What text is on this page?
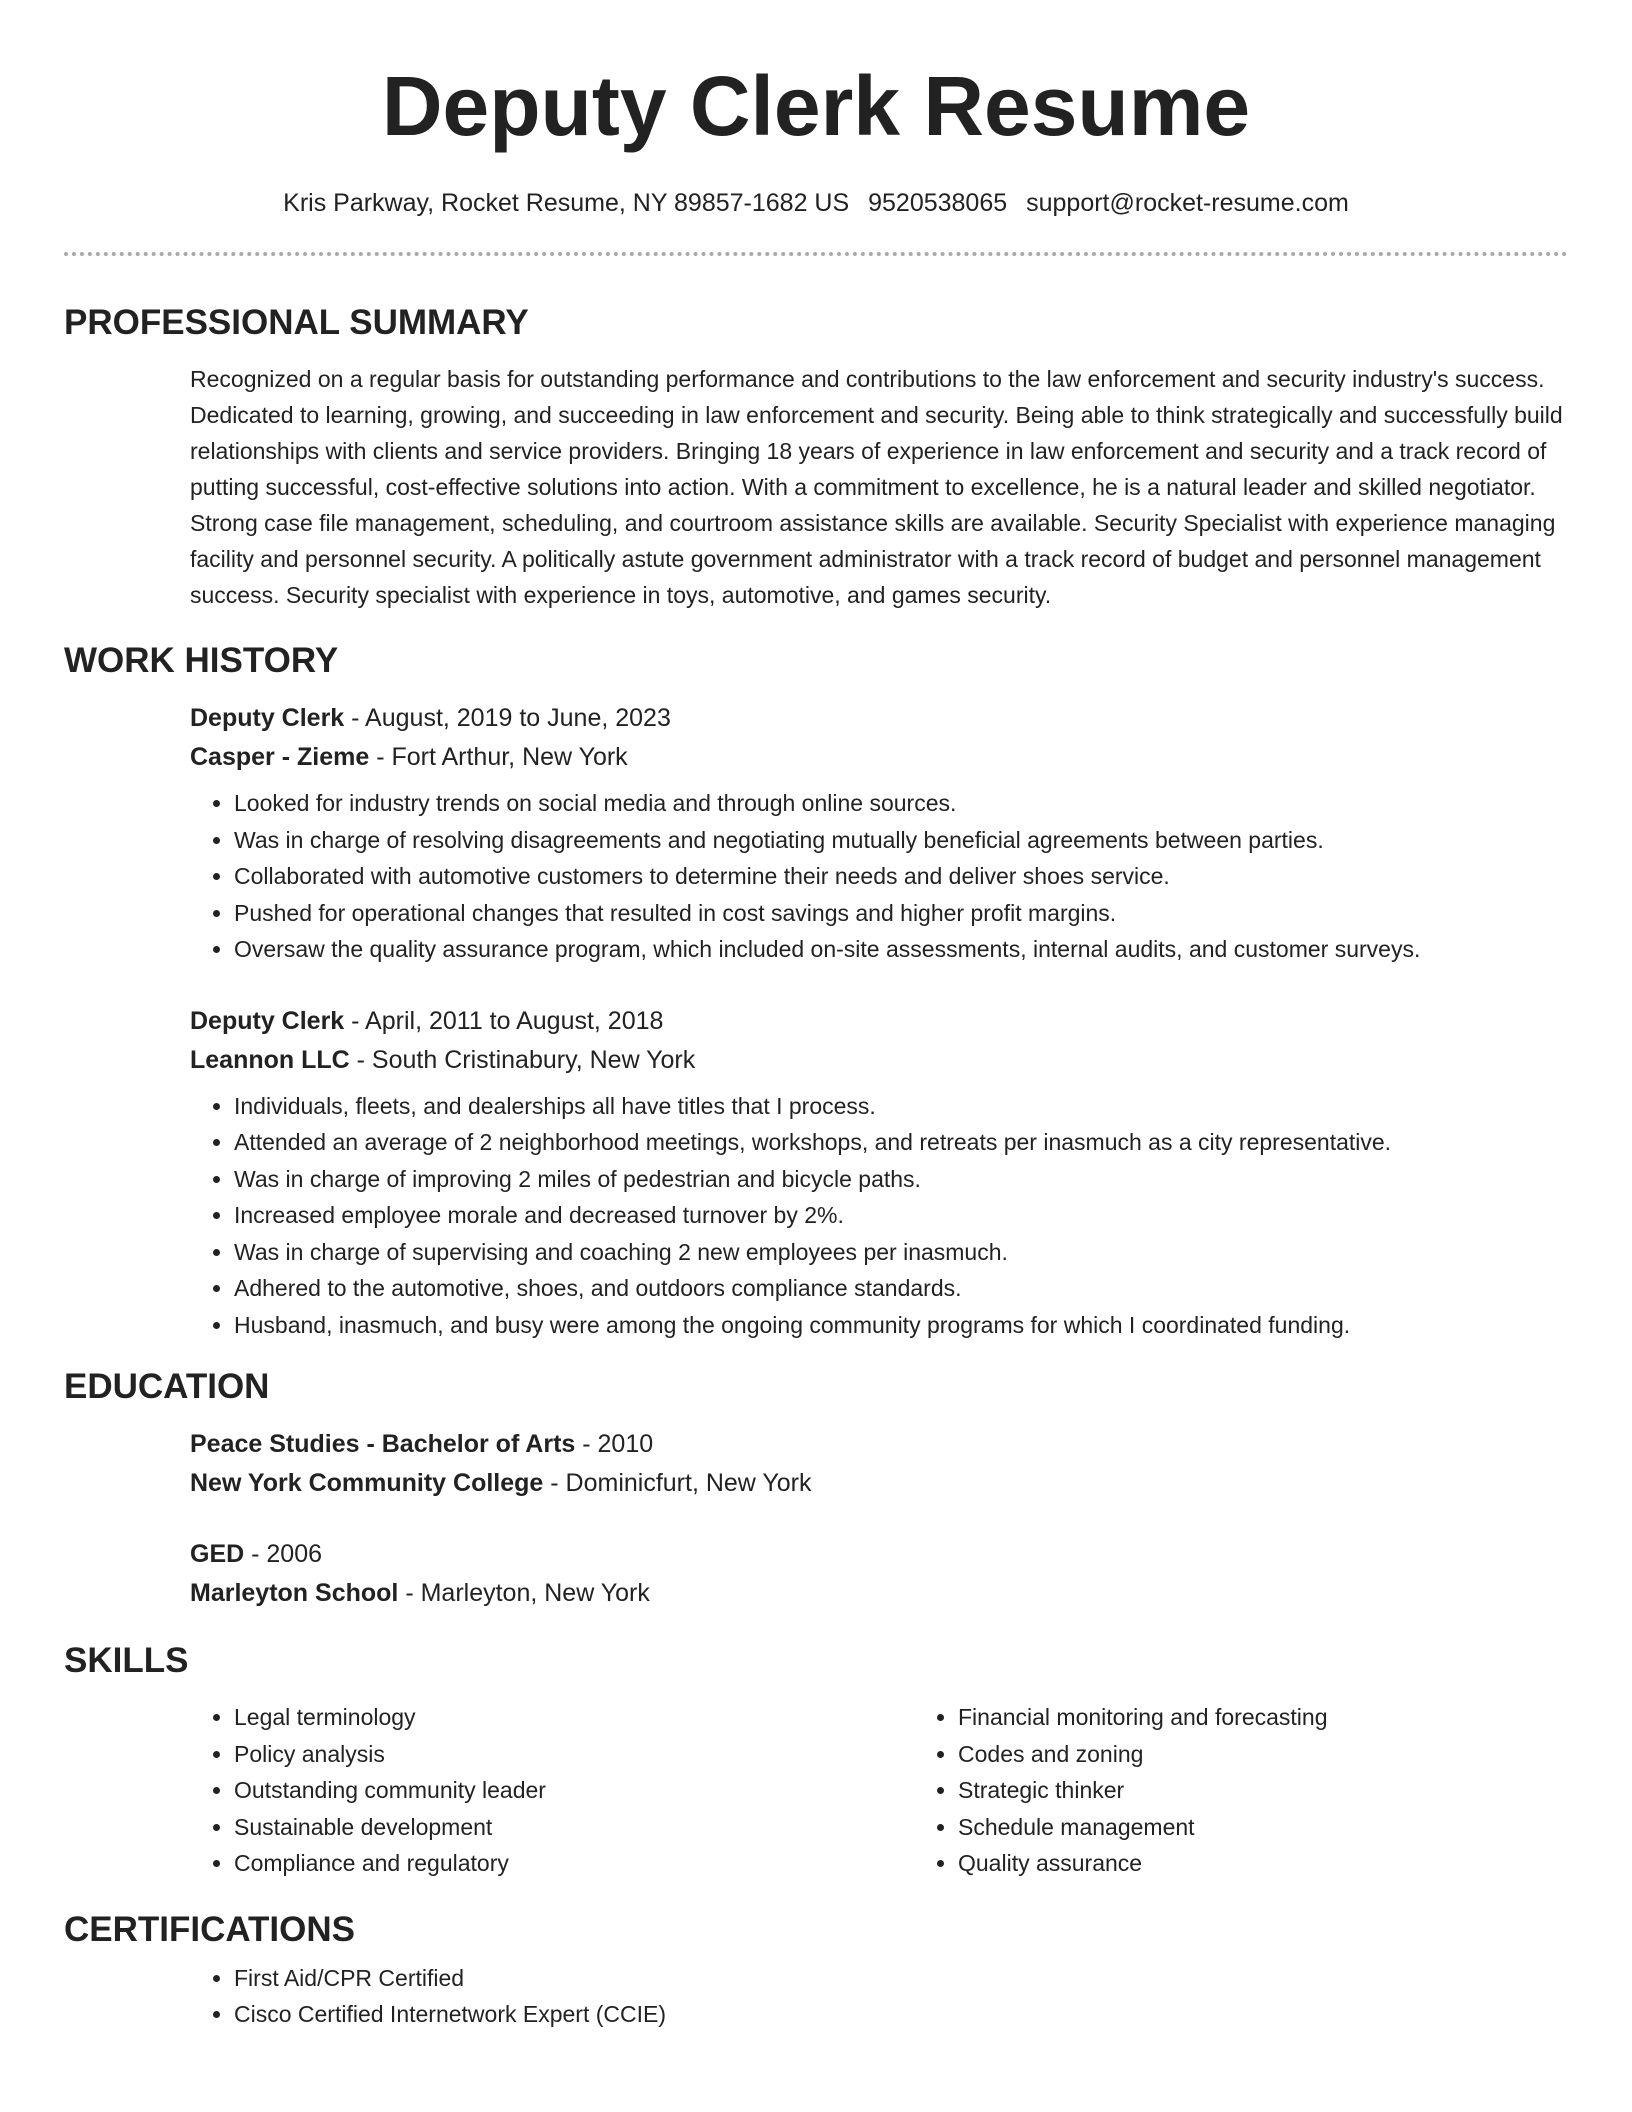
Deputy Clerk Resume
Kris Parkway, Rocket Resume, NY 89857-1682 US 9520538065 support@rocket-resume.com
PROFESSIONAL SUMMARY

Recognized on a regular basis for outstanding performance and contributions to the law enforcement and security industry's success. Dedicated to learning, growing, and succeeding in law enforcement and security. Being able to think strategically and successfully build relationships with clients and service providers. Bringing 18 years of experience in law enforcement and security and a track record of putting successful, cost-effective solutions into action. With a commitment to excellence, he is a natural leader and skilled negotiator. Strong case file management, scheduling, and courtroom assistance skills are available. Security Specialist with experience managing facility and personnel security. A politically astute government administrator with a track record of budget and personnel management success. Security specialist with experience in toys, automotive, and games security.

WORK HISTORY
Deputy Clerk - August, 2019 to June, 2023
Casper - Zieme - Fort Arthur, New York
• Looked for industry trends on social media and through online sources.
• Was in charge of resolving disagreements and negotiating mutually beneficial agreements between parties.
• Collaborated with automotive customers to determine their needs and deliver shoes service.
• Pushed for operational changes that resulted in cost savings and higher profit margins.
• Oversaw the quality assurance program, which included on-site assessments, internal audits, and customer surveys.
Deputy Clerk - April, 2011 to August, 2018
Leannon LLC - South Cristinabury, New York
• Individuals, fleets, and dealerships all have titles that I process.
• Attended an average of 2 neighborhood meetings, workshops, and retreats per inasmuch as a city representative.
• Was in charge of improving 2 miles of pedestrian and bicycle paths.
• Increased employee morale and decreased turnover by 2%.
• Was in charge of supervising and coaching 2 new employees per inasmuch.
• Adhered to the automotive, shoes, and outdoors compliance standards.
• Husband, inasmuch, and busy were among the ongoing community programs for which I coordinated funding.
EDUCATION
Peace Studies - Bachelor of Arts - 2010
New York Community College - Dominicfurt, New York
GED - 2006
Marleyton School - Marleyton, New York
SKILLS
• Legal terminology
• Policy analysis
• Outstanding community leader
• Sustainable development
• Compliance and regulatory
• Financial monitoring and forecasting
• Codes and zoning
• Strategic thinker
• Schedule management
• Quality assurance
CERTIFICATIONS
• First Aid/CPR Certified
• Cisco Certified Internetwork Expert (CCIE)
